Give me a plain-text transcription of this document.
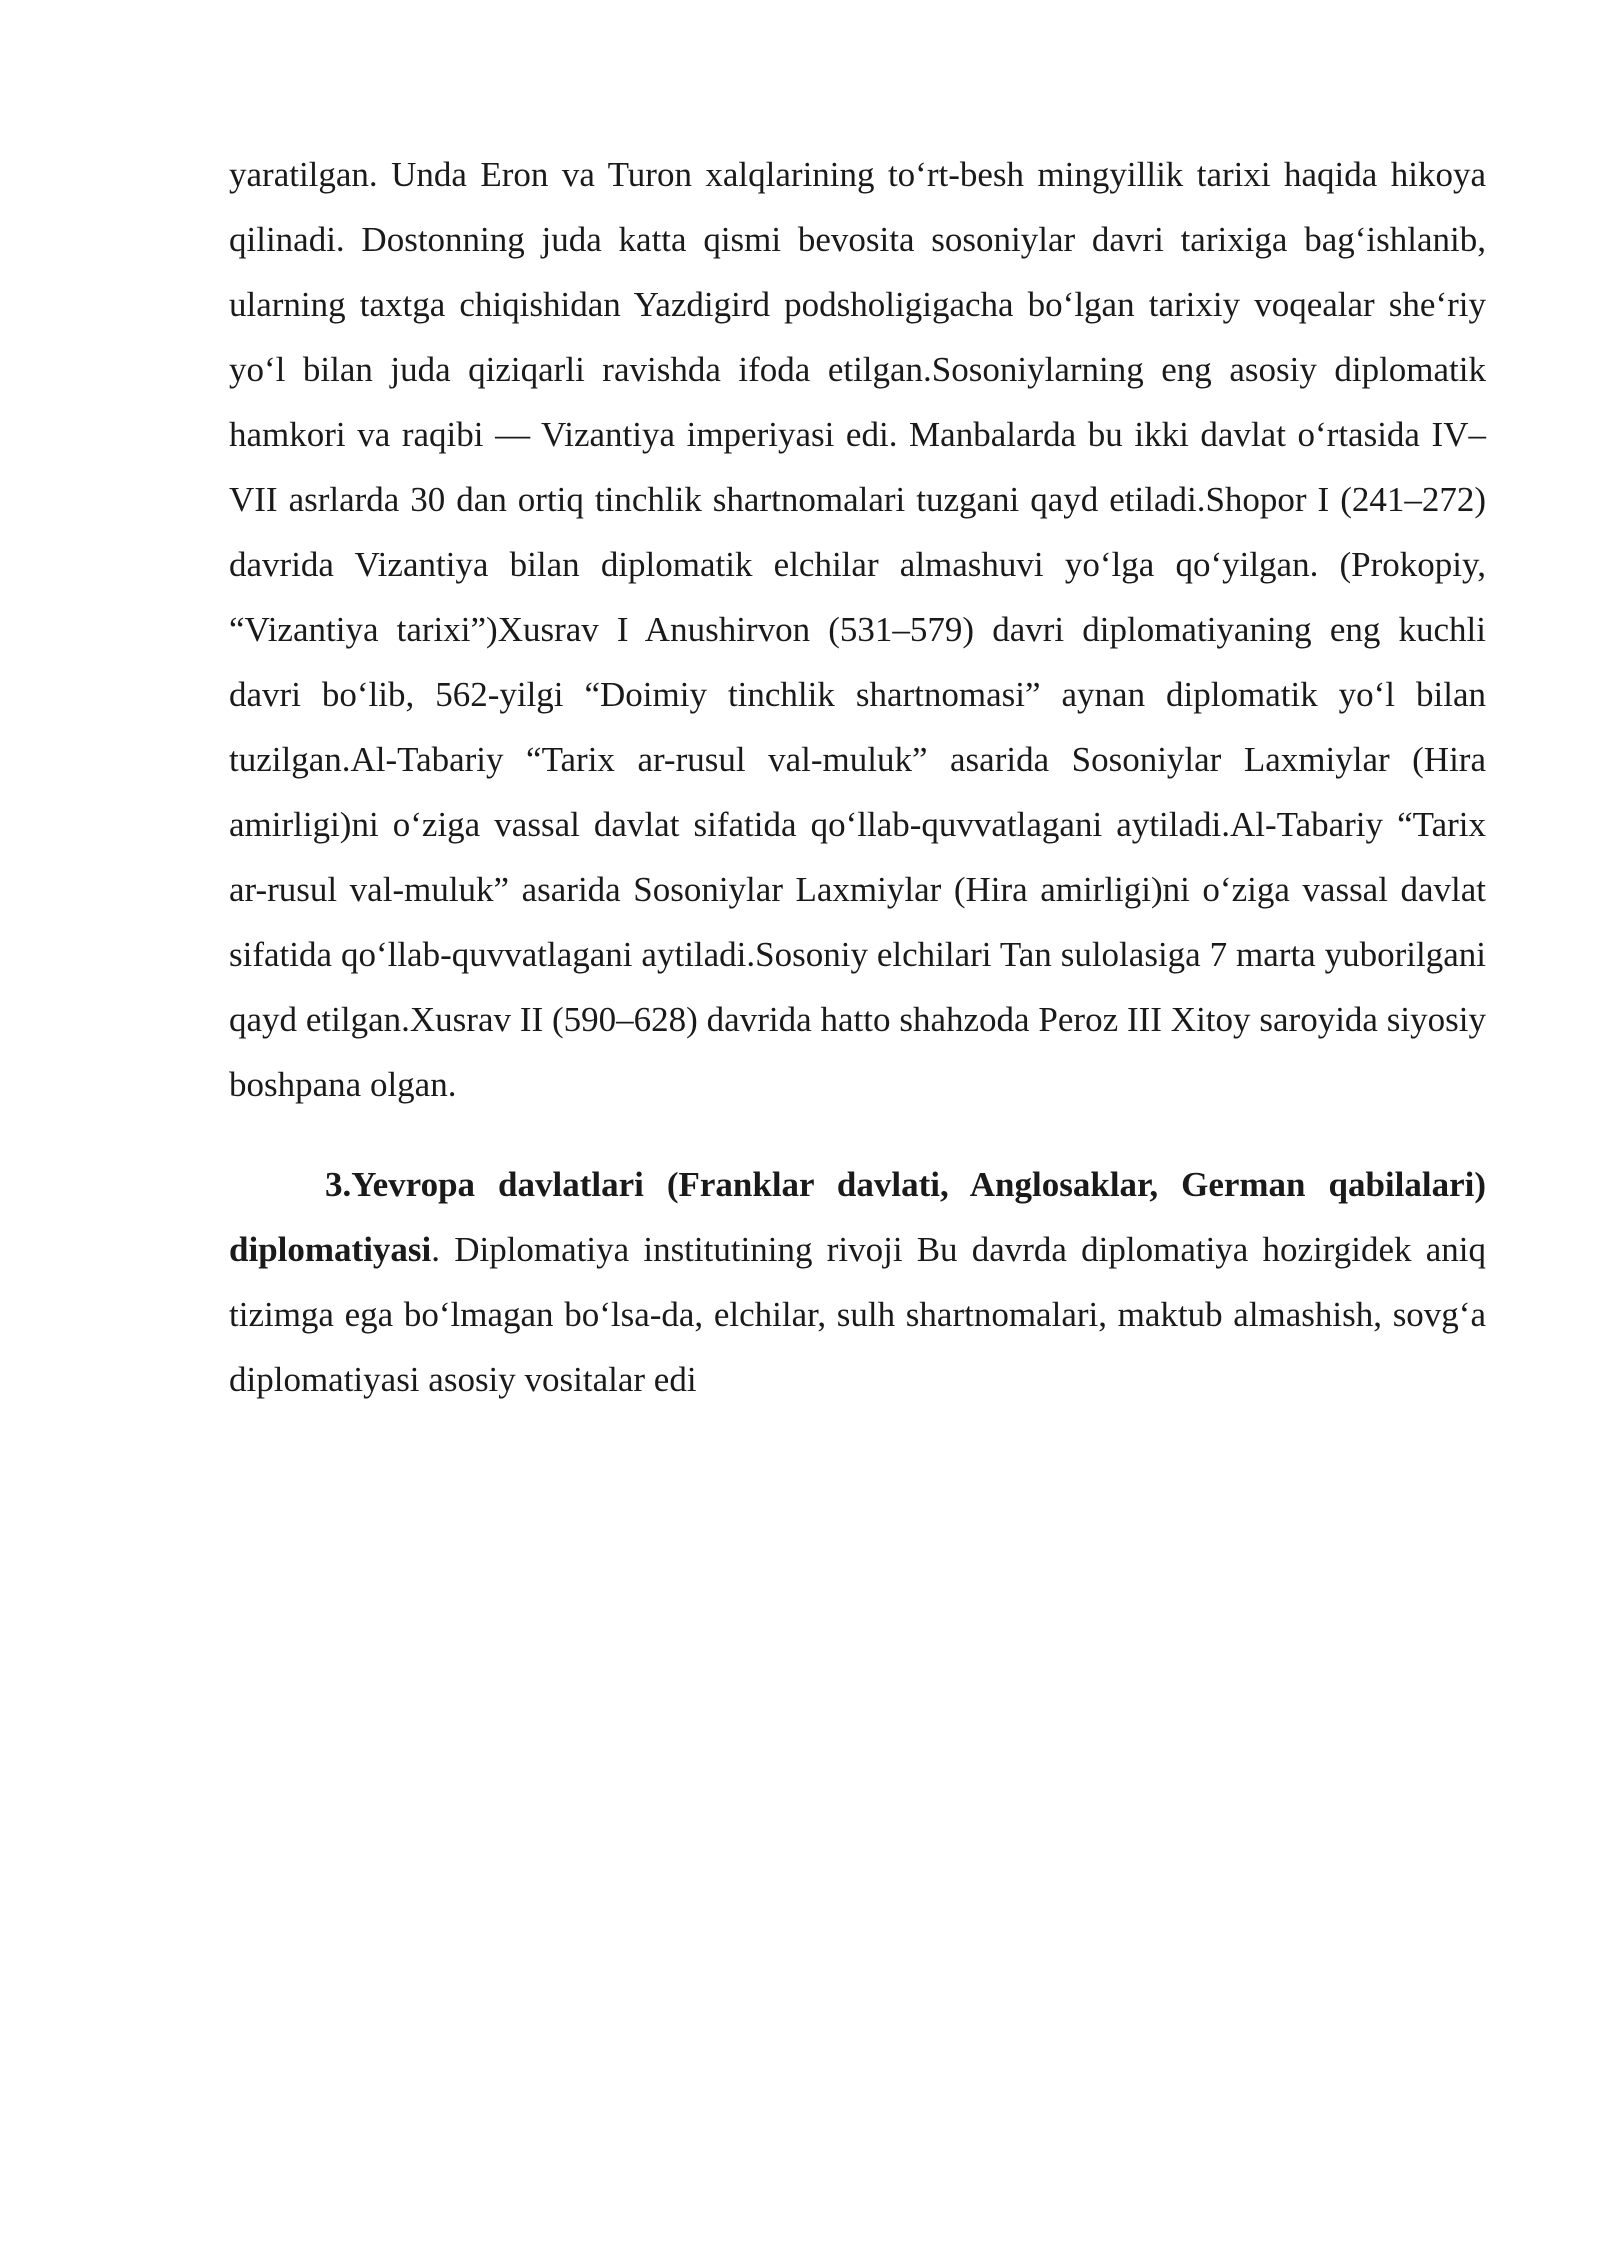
yaratilgan. Unda Eron va Turon xalqlarining to‘rt-besh mingyillik tarixi haqida hikoya qilinadi. Dostonning juda katta qismi bevosita sosoniylar davri tarixiga bag‘ishlanib, ularning taxtga chiqishidan Yazdigird podsholigigacha bo‘lgan tarixiy voqealar she‘riy yo‘l bilan juda qiziqarli ravishda ifoda etilgan.Sosoniylarning eng asosiy diplomatik hamkori va raqibi — Vizantiya imperiyasi edi. Manbalarda bu ikki davlat o‘rtasida IV–VII asrlarda 30 dan ortiq tinchlik shartnomalari tuzgani qayd etiladi.Shopor I (241–272) davrida Vizantiya bilan diplomatik elchilar almashuvi yo‘lga qo‘yilgan. (Prokopiy, “Vizantiya tarixi”)Xusrav I Anushirvon (531–579) davri diplomatiyaning eng kuchli davri bo‘lib, 562-yilgi “Doimiy tinchlik shartnomasi” aynan diplomatik yo‘l bilan tuzilgan.Al-Tabariy “Tarix ar-rusul val-muluk” asarida Sosoniylar Laxmiylar (Hira amirligi)ni o‘ziga vassal davlat sifatida qo‘llab-quvvatlagani aytiladi.Al-Tabariy “Tarix ar-rusul val-muluk” asarida Sosoniylar Laxmiylar (Hira amirligi)ni o‘ziga vassal davlat sifatida qo‘llab-quvvatlagani aytiladi.Sosoniy elchilari Tan sulolasiga 7 marta yuborilgani qayd etilgan.Xusrav II (590–628) davrida hatto shahzoda Peroz III Xitoy saroyida siyosiy boshpana olgan.

3.Yevropa davlatlari (Franklar davlati, Anglosaklar, German qabilalari) diplomatiyasi. Diplomatiya institutining rivoji Bu davrda diplomatiya hozirgidek aniq tizimga ega bo‘lmagan bo‘lsa-da, elchilar, sulh shartnomalari, maktub almashish, sovg‘a diplomatiyasi asosiy vositalar edi
